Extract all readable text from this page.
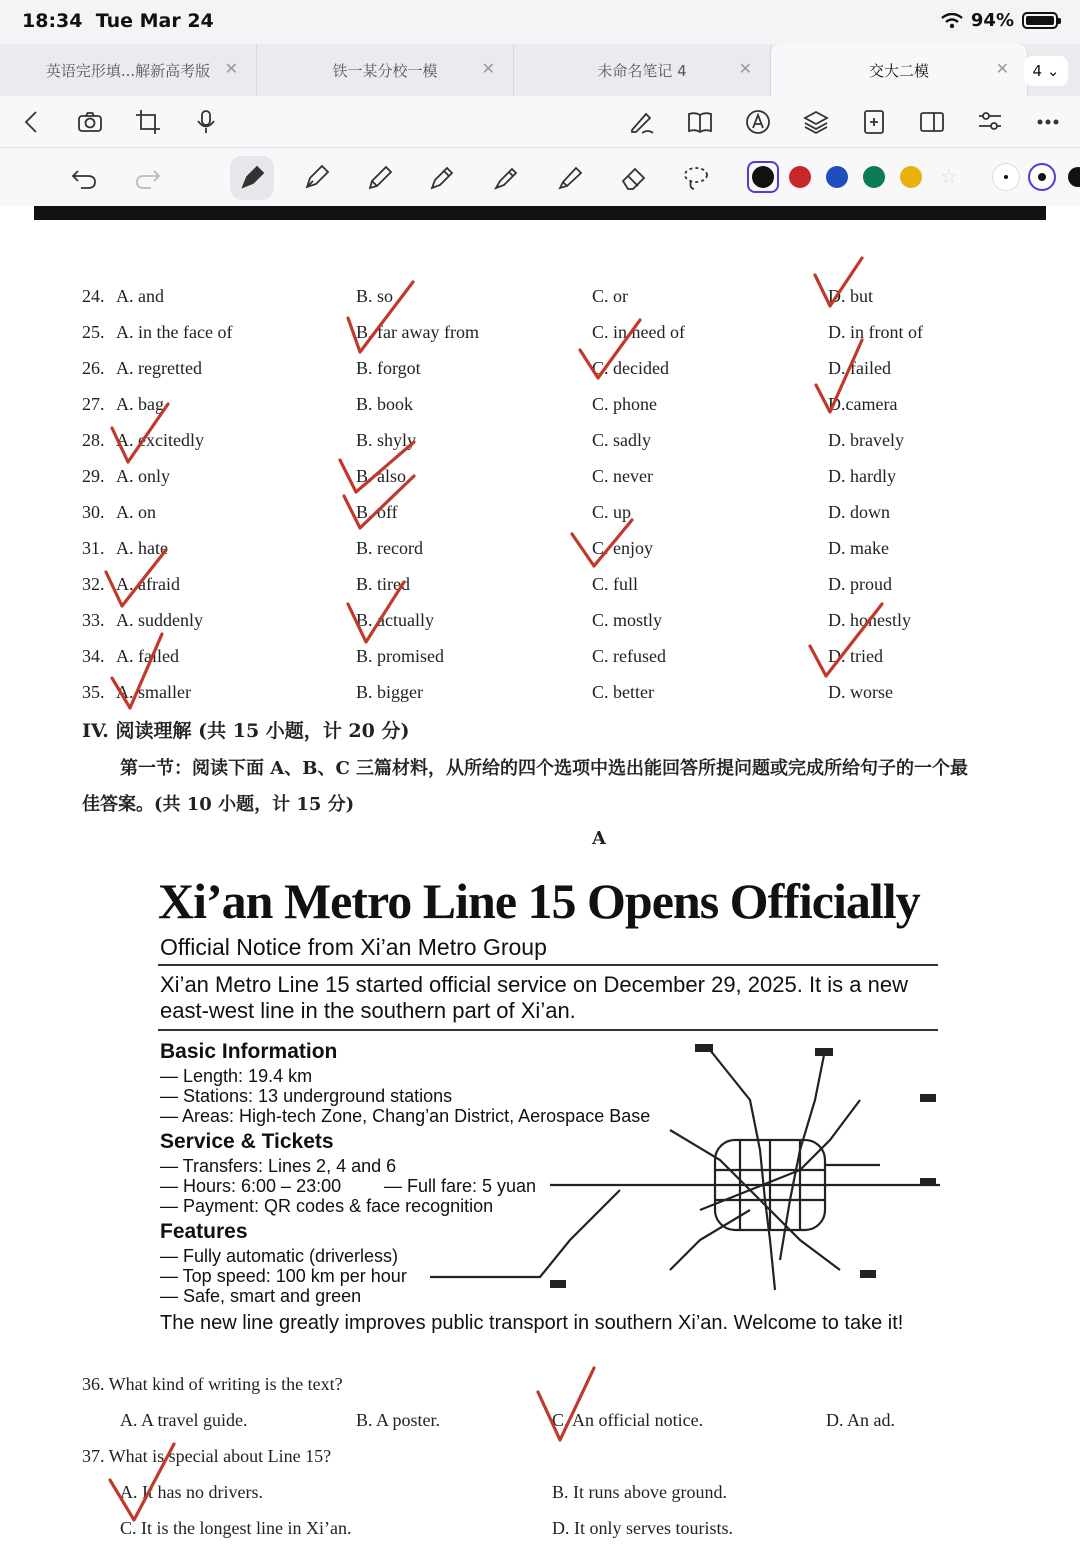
18:34 Tue Mar 24	94%
英语完形填...解新高考版 ✕	铁一某分校一模	✕	未命名笔记 4	✕	交大二模	✕ 4
⌄
☆
24. A. and	B. so	C. or	D. but
25. A. in the face of	B. far away from	C. in need of	D. in front of
26. A. regretted	B. forgot	C. decided	D. failed
27. A. bag	B. book	C. phone	D.camera
28. A. excitedly	B. shyly	C. sadly	D. bravely
29. A. only	B. also	C. never	D. hardly
30. A. on	B. off	C. up	D. down
31. A. hate	B. record	C. enjoy	D. make
32. A. afraid	B. tired	C. full	D. proud
33. A. suddenly	B. actually	C. mostly	D. honestly
34. A. failed	B. promised	C. refused	D. tried
35. A. smaller	B. bigger	C. better	D. worse
IV. 阅读理解 (共 15 小题，计 20 分)
第一节：阅读下面 A、B、C 三篇材料，从所给的四个选项中选出能回答所提问题或完成所给句子的一个最
佳答案。(共 10 小题，计 15 分)
A
Xi’an Metro Line 15 Opens Officially
Official Notice from Xi’an Metro Group
Xi’an Metro Line 15 started official service on December 29, 2025. It is a new
east-west line in the southern part of Xi’an.
Basic Information
— Length: 19.4 km
— Stations: 13 underground stations
— Areas: High-tech Zone, Chang’an District, Aerospace Base
Service & Tickets
— Transfers: Lines 2, 4 and 6
— Hours: 6:00 – 23:00 — Full fare: 5 yuan
— Payment: QR codes & face recognition
Features
— Fully automatic (driverless)
— Top speed: 100 km per hour
— Safe, smart and green
The new line greatly improves public transport in southern Xi’an. Welcome to take it!
36. What kind of writing is the text?
A. A travel guide.	B. A poster.	C. An official notice.	D. An ad.
37. What is special about Line 15?
A. It has no drivers.	B. It runs above ground.
C. It is the longest line in Xi’an.	D. It only serves tourists.
